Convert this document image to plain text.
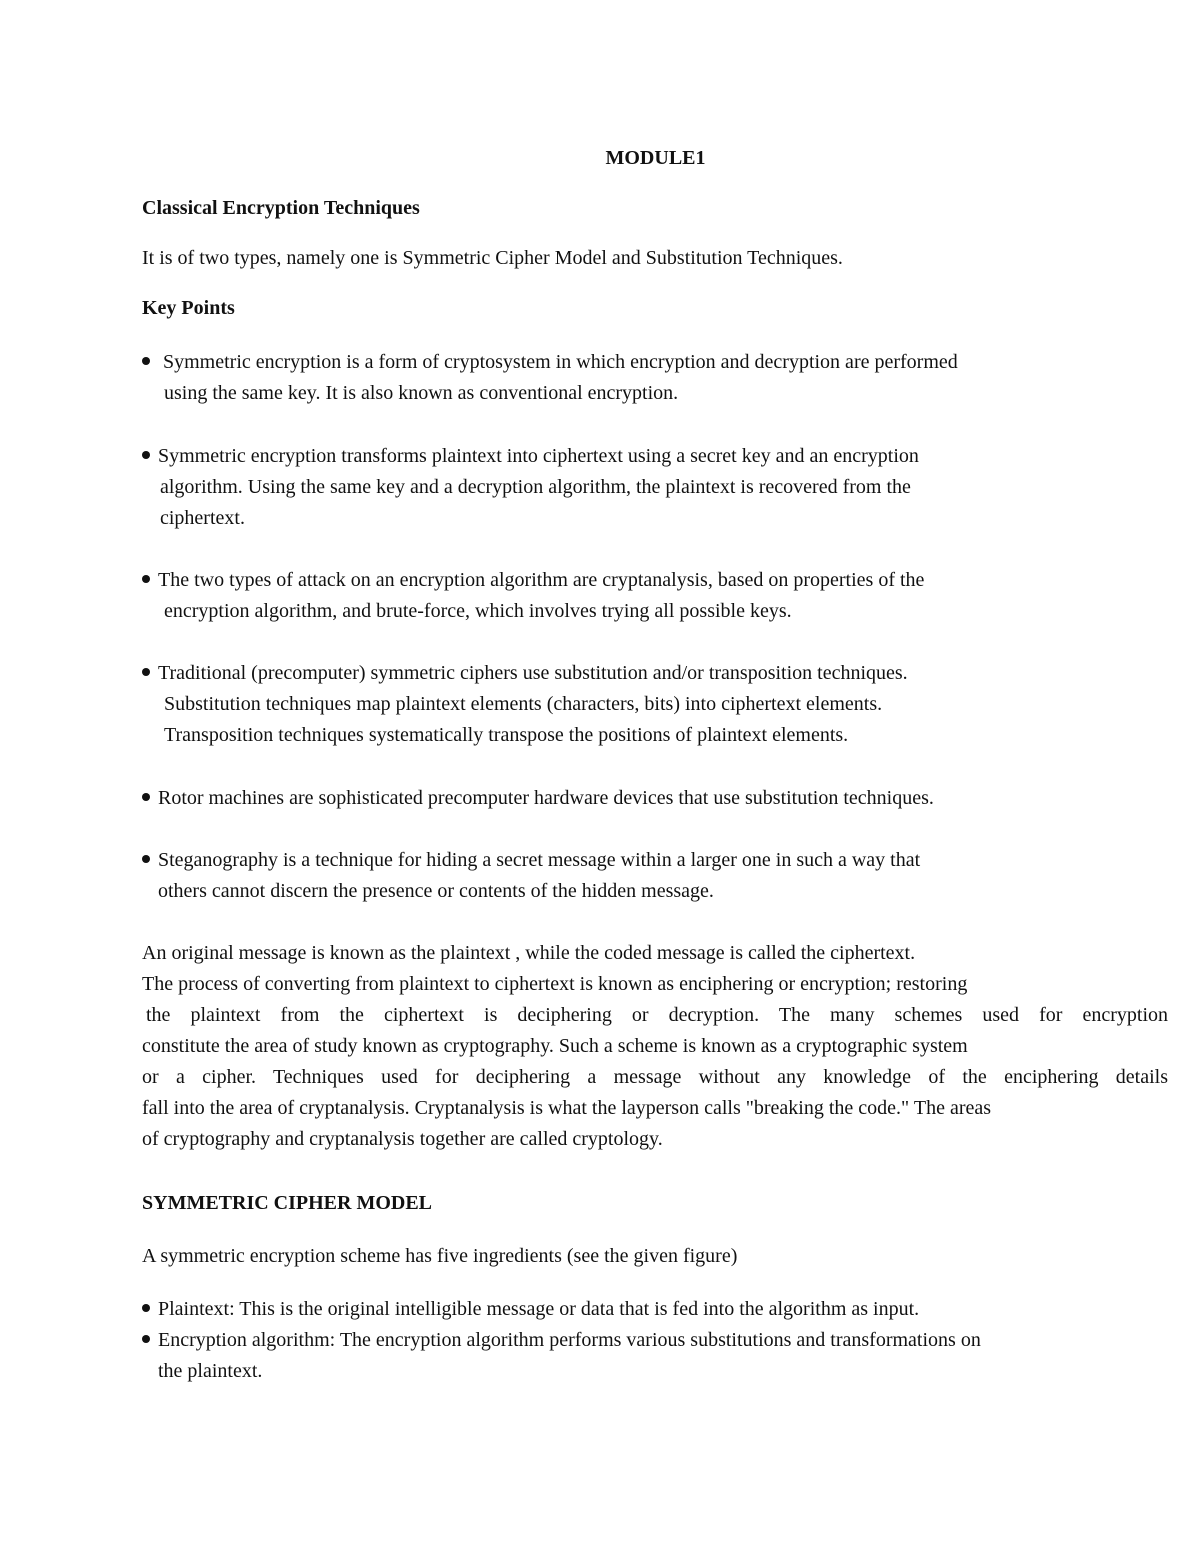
MODULE1
Classical Encryption Techniques
It is of two types, namely one is Symmetric Cipher Model and Substitution Techniques.
Key Points
Symmetric encryption is a form of cryptosystem in which encryption and decryption are performed
using the same key. It is also known as conventional encryption.
Symmetric encryption transforms plaintext into ciphertext using a secret key and an encryption
algorithm. Using the same key and a decryption algorithm, the plaintext is recovered from the
ciphertext.
The two types of attack on an encryption algorithm are cryptanalysis, based on properties of the
encryption algorithm, and brute-force, which involves trying all possible keys.
Traditional (precomputer) symmetric ciphers use substitution and/or transposition techniques.
Substitution techniques map plaintext elements (characters, bits) into ciphertext elements.
Transposition techniques systematically transpose the positions of plaintext elements.
Rotor machines are sophisticated precomputer hardware devices that use substitution techniques.
Steganography is a technique for hiding a secret message within a larger one in such a way that
others cannot discern the presence or contents of the hidden message.
An original message is known as the plaintext , while the coded message is called the ciphertext.
The process of converting from plaintext to ciphertext is known as enciphering or encryption; restoring
the plaintext from the ciphertext is deciphering or decryption. The many schemes used for encryption
constitute the area of study known as cryptography. Such a scheme is known as a cryptographic system
or a cipher. Techniques used for deciphering a message without any knowledge of the enciphering details
fall into the area of cryptanalysis. Cryptanalysis is what the layperson calls "breaking the code." The areas
of cryptography and cryptanalysis together are called cryptology.
SYMMETRIC CIPHER MODEL
A symmetric encryption scheme has five ingredients (see the given figure)
Plaintext: This is the original intelligible message or data that is fed into the algorithm as input.
Encryption algorithm: The encryption algorithm performs various substitutions and transformations on
the plaintext.
